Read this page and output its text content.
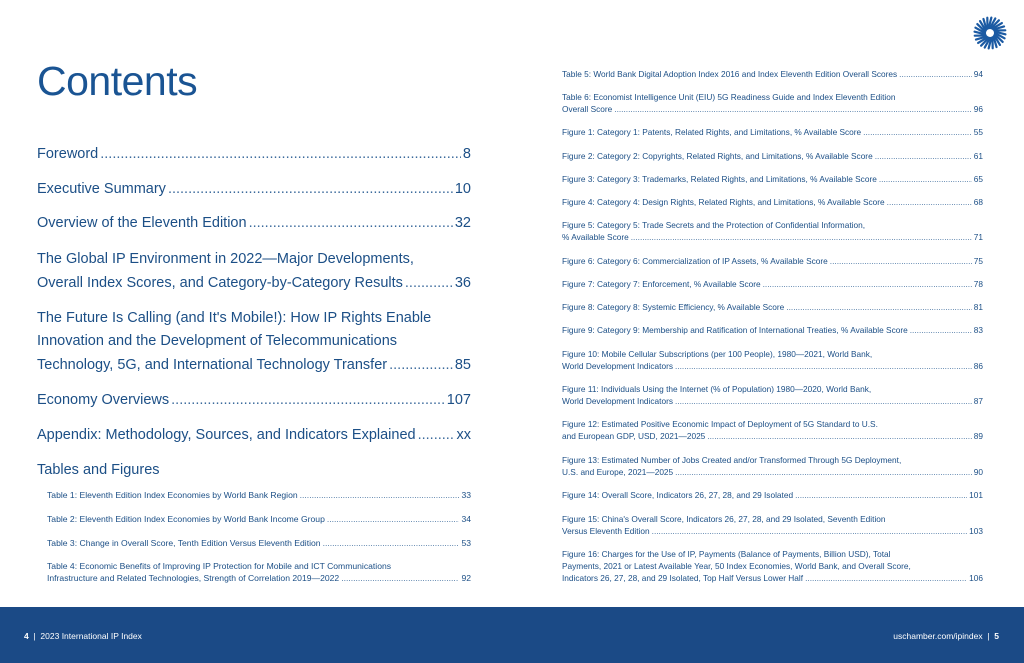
Contents
Foreword .....	8
Executive Summary .....	10
Overview of the Eleventh Edition .....	32
The Global IP Environment in 2022—Major Developments,
Overall Index Scores, and Category-by-Category Results .....	36
The Future Is Calling (and It's Mobile!): How IP Rights Enable
Innovation and the Development of Telecommunications
Technology, 5G, and International Technology Transfer .....	85
Economy Overviews .....	107
Appendix: Methodology, Sources, and Indicators Explained .....	xx
Tables and Figures
Table 1: Eleventh Edition Index Economies by World Bank Region .....	33
Table 2: Eleventh Edition Index Economies by World Bank Income Group .....	34
Table 3: Change in Overall Score, Tenth Edition Versus Eleventh Edition .....	53
Table 4: Economic Benefits of Improving IP Protection for Mobile and ICT Communications
Infrastructure and Related Technologies, Strength of Correlation 2019—2022 .....	92
Table 5: World Bank Digital Adoption Index 2016 and Index Eleventh Edition Overall Scores .....	94
Table 6: Economist Intelligence Unit (EIU) 5G Readiness Guide and Index Eleventh Edition
Overall Score .....	96
Figure 1: Category 1: Patents, Related Rights, and Limitations, % Available Score .....	55
Figure 2: Category 2: Copyrights, Related Rights, and Limitations, % Available Score .....	61
Figure 3: Category 3: Trademarks, Related Rights, and Limitations, % Available Score .....	65
Figure 4: Category 4: Design Rights, Related Rights, and Limitations, % Available Score .....	68
Figure 5: Category 5: Trade Secrets and the Protection of Confidential Information,
% Available Score .....	71
Figure 6: Category 6: Commercialization of IP Assets, % Available Score .....	75
Figure 7: Category 7: Enforcement, % Available Score .....	78
Figure 8: Category 8: Systemic Efficiency, % Available Score .....	81
Figure 9: Category 9: Membership and Ratification of International Treaties, % Available Score .....	83
Figure 10: Mobile Cellular Subscriptions (per 100 People), 1980—2021, World Bank,
World Development Indicators .....	86
Figure 11: Individuals Using the Internet (% of Population) 1980—2020, World Bank,
World Development Indicators .....	87
Figure 12: Estimated Positive Economic Impact of Deployment of 5G Standard to U.S.
and European GDP, USD, 2021—2025 .....	89
Figure 13: Estimated Number of Jobs Created and/or Transformed Through 5G Deployment,
U.S. and Europe, 2021—2025 .....	90
Figure 14: Overall Score, Indicators 26, 27, 28, and 29 Isolated .....	101
Figure 15: China's Overall Score, Indicators 26, 27, 28, and 29 Isolated, Seventh Edition
Versus Eleventh Edition .....	103
Figure 16: Charges for the Use of IP, Payments (Balance of Payments, Billion USD), Total
Payments, 2021 or Latest Available Year, 50 Index Economies, World Bank, and Overall Score,
Indicators 26, 27, 28, and 29 Isolated, Top Half Versus Lower Half .....	106
4 | 2023 International IP Index	uschamber.com/ipindex | 5
